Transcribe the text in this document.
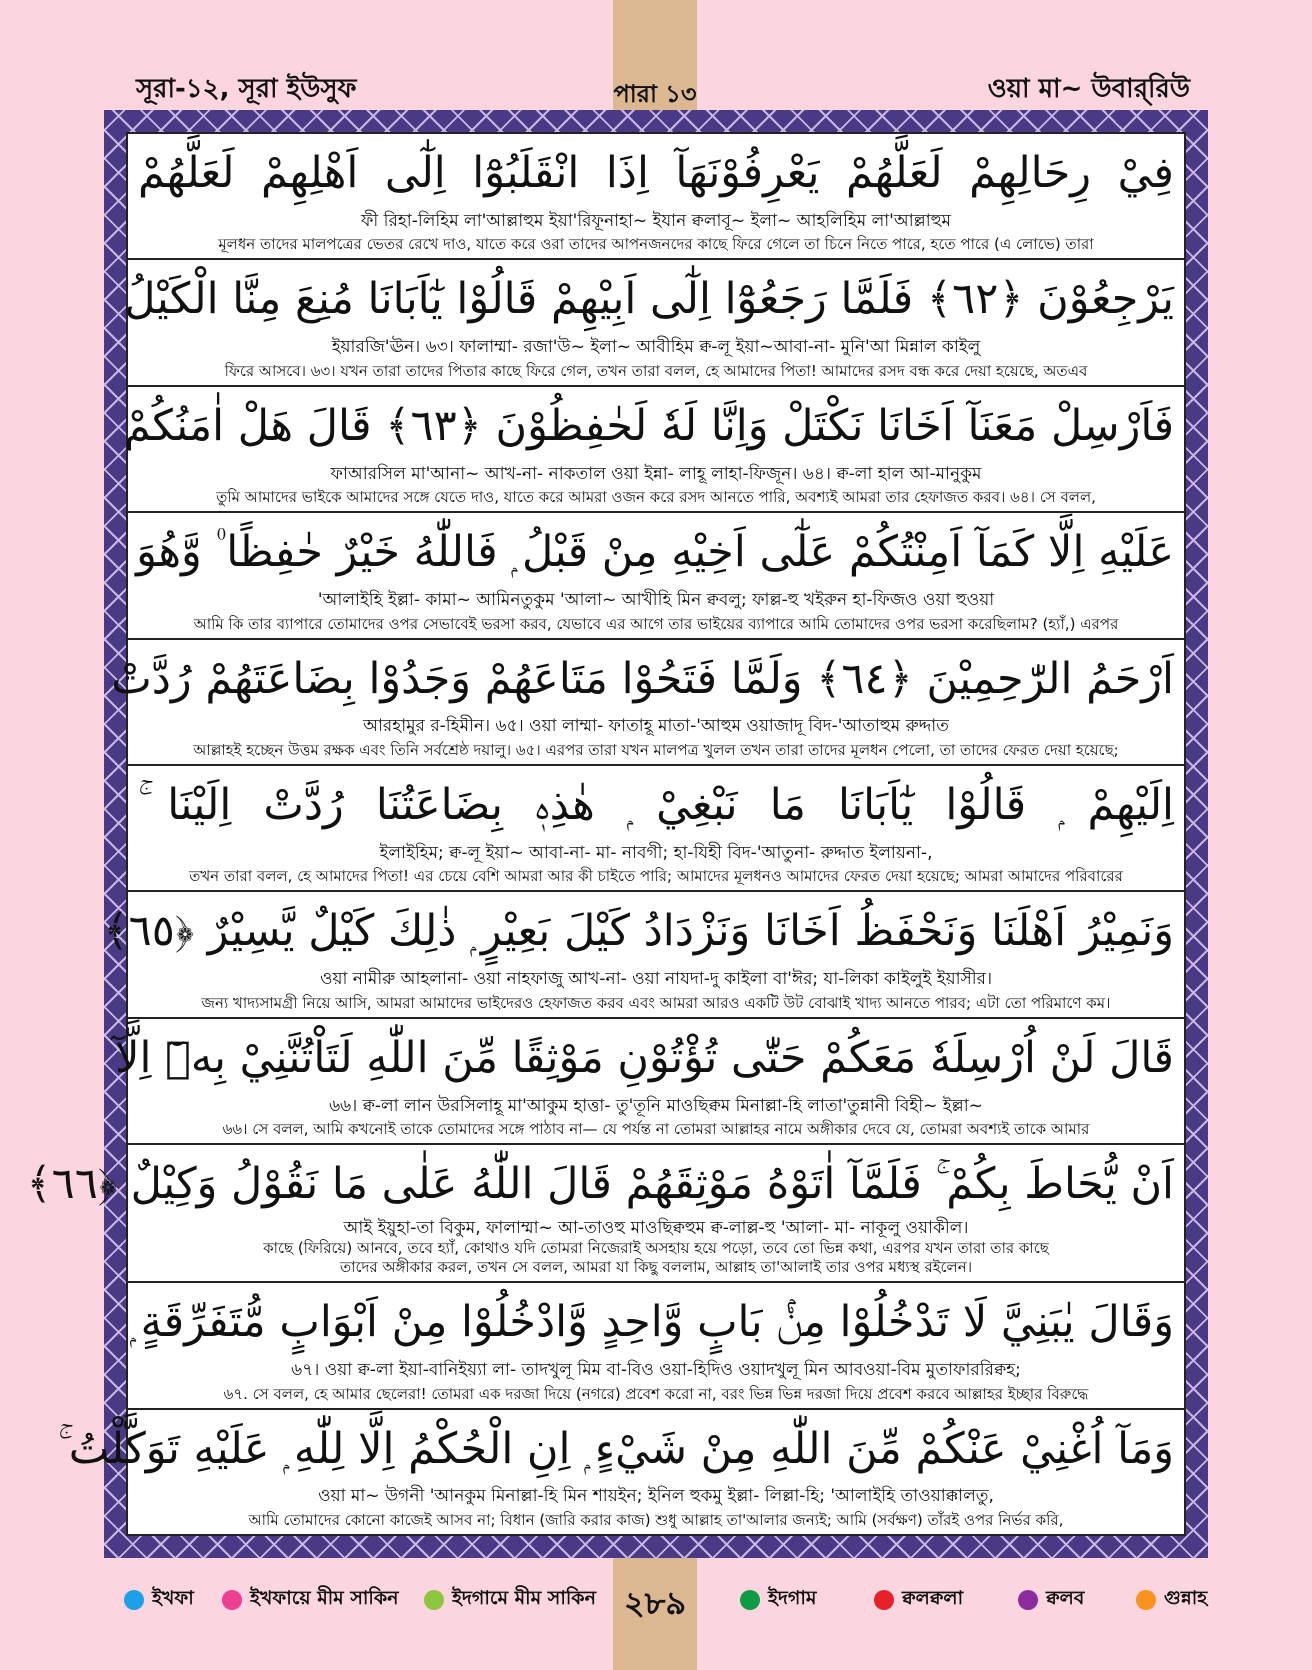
সূরা-১২, সূরা ইউসুফ	পারা ১৩	ওয়া মা~ উবার্‌রিউ
فِيْ رِحَالِهِمْ لَعَلَّهُمْ يَعْرِفُوْنَهَآ اِذَا انْقَلَبُوْٓا اِلٰٓى اَهْلِهِمْ لَعَلَّهُمْ
ফী রিহা-লিহিম লা'আল্লাহুম ইয়া'রিফূনাহা~ ইযান ক্বলাবূ~ ইলা~ আহলিহিম লা'আল্লাহুম
মূলধন তাদের মালপত্রের ভেতর রেখে দাও, যাতে করে ওরা তাদের আপনজনদের কাছে ফিরে গেলে তা চিনে নিতে পারে, হতে পারে (এ লোভে) তারা
يَرْجِعُوْنَ ﴿٦٢﴾ فَلَمَّا رَجَعُوْٓا اِلٰٓى اَبِيْهِمْ قَالُوْا يٰٓاَبَانَا مُنِعَ مِنَّا الْكَيْلُ
ইয়ারজি'ঊন। ৬৩। ফালাম্মা- রজা'উ~ ইলা~ আবীহিম ক্ব-লূ ইয়া~আবা-না- মুনি'আ মিন্নাল কাইলু
ফিরে আসবে। ৬৩। যখন তারা তাদের পিতার কাছে ফিরে গেল, তখন তারা বলল, হে আমাদের পিতা! আমাদের রসদ বন্ধ করে দেয়া হয়েছে, অতএব
فَاَرْسِلْ مَعَنَآ اَخَانَا نَكْتَلْ وَاِنَّا لَهٗ لَحٰفِظُوْنَ ﴿٦٣﴾ قَالَ هَلْ اٰمَنُكُمْ
ফাআরসিল মা'আনা~ আখ-না- নাকতাল ওয়া ইন্না- লাহূ লাহা-ফিজূন। ৬৪। ক্ব-লা হাল আ-মানুকুম
তুমি আমাদের ভাইকে আমাদের সঙ্গে যেতে দাও, যাতে করে আমরা ওজন করে রসদ আনতে পারি, অবশ্যই আমরা তার হেফাজত করব। ৬৪। সে বলল,
عَلَيْهِ اِلَّا كَمَآ اَمِنْتُكُمْ عَلٰٓى اَخِيْهِ مِنْ قَبْلُ ۭ فَاللّٰهُ خَيْرٌ حٰفِظًا ۠ وَّهُوَ
'আলাইহি ইল্লা- কামা~ আমিনতুকুম 'আলা~ আখীহি মিন ক্ববলু; ফাল্ল-হু খইরুন হা-ফিজও ওয়া হুওয়া
আমি কি তার ব্যাপারে তোমাদের ওপর সেভাবেই ভরসা করব, যেভাবে এর আগে তার ভাইয়ের ব্যাপারে আমি তোমাদের ওপর ভরসা করেছিলাম? (হ্যাঁ,) এরপর
اَرْحَمُ الرّٰحِمِيْنَ ﴿٦٤﴾ وَلَمَّا فَتَحُوْا مَتَاعَهُمْ وَجَدُوْا بِضَاعَتَهُمْ رُدَّتْ
আরহামুর র-হিমীন। ৬৫। ওয়া লাম্মা- ফাতাহূ মাতা-'আহুম ওয়াজাদূ বিদ-'আতাহুম রুদ্দাত
আল্লাহই হচ্ছেন উত্তম রক্ষক এবং তিনি সর্বশ্রেষ্ঠ দয়ালু। ৬৫। এরপর তারা যখন মালপত্র খুলল তখন তারা তাদের মূলধন পেলো, তা তাদের ফেরত দেয়া হয়েছে;
اِلَيْهِمْ ۭ قَالُوْا يٰٓاَبَانَا مَا نَبْغِيْ ۭ هٰذِهٖ بِضَاعَتُنَا رُدَّتْ اِلَيْنَا ۚ
ইলাইহিম; ক্ব-লূ ইয়া~ আবা-না- মা- নাবগী; হা-যিহী বিদ-'আতুনা- রুদ্দাত ইলায়না-,
তখন তারা বলল, হে আমাদের পিতা! এর চেয়ে বেশি আমরা আর কী চাইতে পারি; আমাদের মূলধনও আমাদের ফেরত দেয়া হয়েছে; আমরা আমাদের পরিবারের
وَنَمِيْرُ اَهْلَنَا وَنَحْفَظُ اَخَانَا وَنَزْدَادُ كَيْلَ بَعِيْرٍ ۭ ذٰلِكَ كَيْلٌ يَّسِيْرٌ ﴿٦٥﴾
ওয়া নামীরু আহলানা- ওয়া নাহফাজু আখ-না- ওয়া নাযদা-দু কাইলা বা'ঈর; যা-লিকা কাইলুই ইয়াসীর।
জন্য খাদ্যসামগ্রী নিয়ে আসি, আমরা আমাদের ভাইদেরও হেফাজত করব এবং আমরা আরও একটি উট বোঝাই খাদ্য আনতে পারব; এটা তো পরিমাণে কম।
قَالَ لَنْ اُرْسِلَهٗ مَعَكُمْ حَتّٰى تُؤْتُوْنِ مَوْثِقًا مِّنَ اللّٰهِ لَتَاْتُنَّنِيْ بِهٖٓ اِلَّآ
৬৬। ক্ব-লা লান উরসিলাহূ মা'আকুম হাত্তা- তু'তূনি মাওছিক্বম মিনাল্লা-হি লাতা'তুন্নানী বিহী~ ইল্লা~
৬৬। সে বলল, আমি কখনোই তাকে তোমাদের সঙ্গে পাঠাব না— যে পর্যন্ত না তোমরা আল্লাহর নামে অঙ্গীকার দেবে যে, তোমরা অবশ্যই তাকে আমার
اَنْ يُّحَاطَ بِكُمْ ۚ فَلَمَّآ اٰتَوْهُ مَوْثِقَهُمْ قَالَ اللّٰهُ عَلٰى مَا نَقُوْلُ وَكِيْلٌ ﴿٦٦﴾
আই ইয়ুহা-তা বিকুম, ফালাম্মা~ আ-তাওহু মাওছিক্বহুম ক্ব-লাল্ল-হু 'আলা- মা- নাকূলু ওয়াকীল।
কাছে (ফিরিয়ে) আনবে, তবে হ্যাঁ, কোথাও যদি তোমরা নিজেরাই অসহায় হয়ে পড়ো, তবে তো ভিন্ন কথা, এরপর যখন তারা তার কাছে
তাদের অঙ্গীকার করল, তখন সে বলল, আমরা যা কিছু বললাম, আল্লাহ তা'আলাই তার ওপর মধ্যস্থ রইলেন।
وَقَالَ يٰبَنِيَّ لَا تَدْخُلُوْا مِنْۢ بَابٍ وَّاحِدٍ وَّادْخُلُوْا مِنْ اَبْوَابٍ مُّتَفَرِّقَةٍ ۭ
৬৭। ওয়া ক্ব-লা ইয়া-বানিইয়্যা লা- তাদখুলূ মিম বা-বিও ওয়া-হিদিও ওয়াদখুলূ মিন আবওয়া-বিম মুতাফাররিক্বহ;
৬৭. সে বলল, হে আমার ছেলেরা! তোমরা এক দরজা দিয়ে (নগরে) প্রবেশ করো না, বরং ভিন্ন ভিন্ন দরজা দিয়ে প্রবেশ করবে আল্লাহর ইচ্ছার বিরুদ্ধে
وَمَآ اُغْنِيْ عَنْكُمْ مِّنَ اللّٰهِ مِنْ شَيْءٍ ۭ اِنِ الْحُكْمُ اِلَّا لِلّٰهِ ۭ عَلَيْهِ تَوَكَّلْتُ ۚ
ওয়া মা~ উগনী 'আনকুম মিনাল্লা-হি মিন শায়ইন; ইনিল হুকমু ইল্লা- লিল্লা-হি; 'আলাইহি তাওয়াক্কালতু,
আমি তোমাদের কোনো কাজেই আসব না; বিধান (জারি করার কাজ) শুধু আল্লাহ তা'আলার জন্যই; আমি (সর্বক্ষণ) তাঁরই ওপর নির্ভর করি,
ইখফা	ইখফায়ে মীম সাকিন	ইদগামে মীম সাকিন ২৮৯	ইদগাম	ক্বলক্বলা	ক্বলব	গুন্নাহ
